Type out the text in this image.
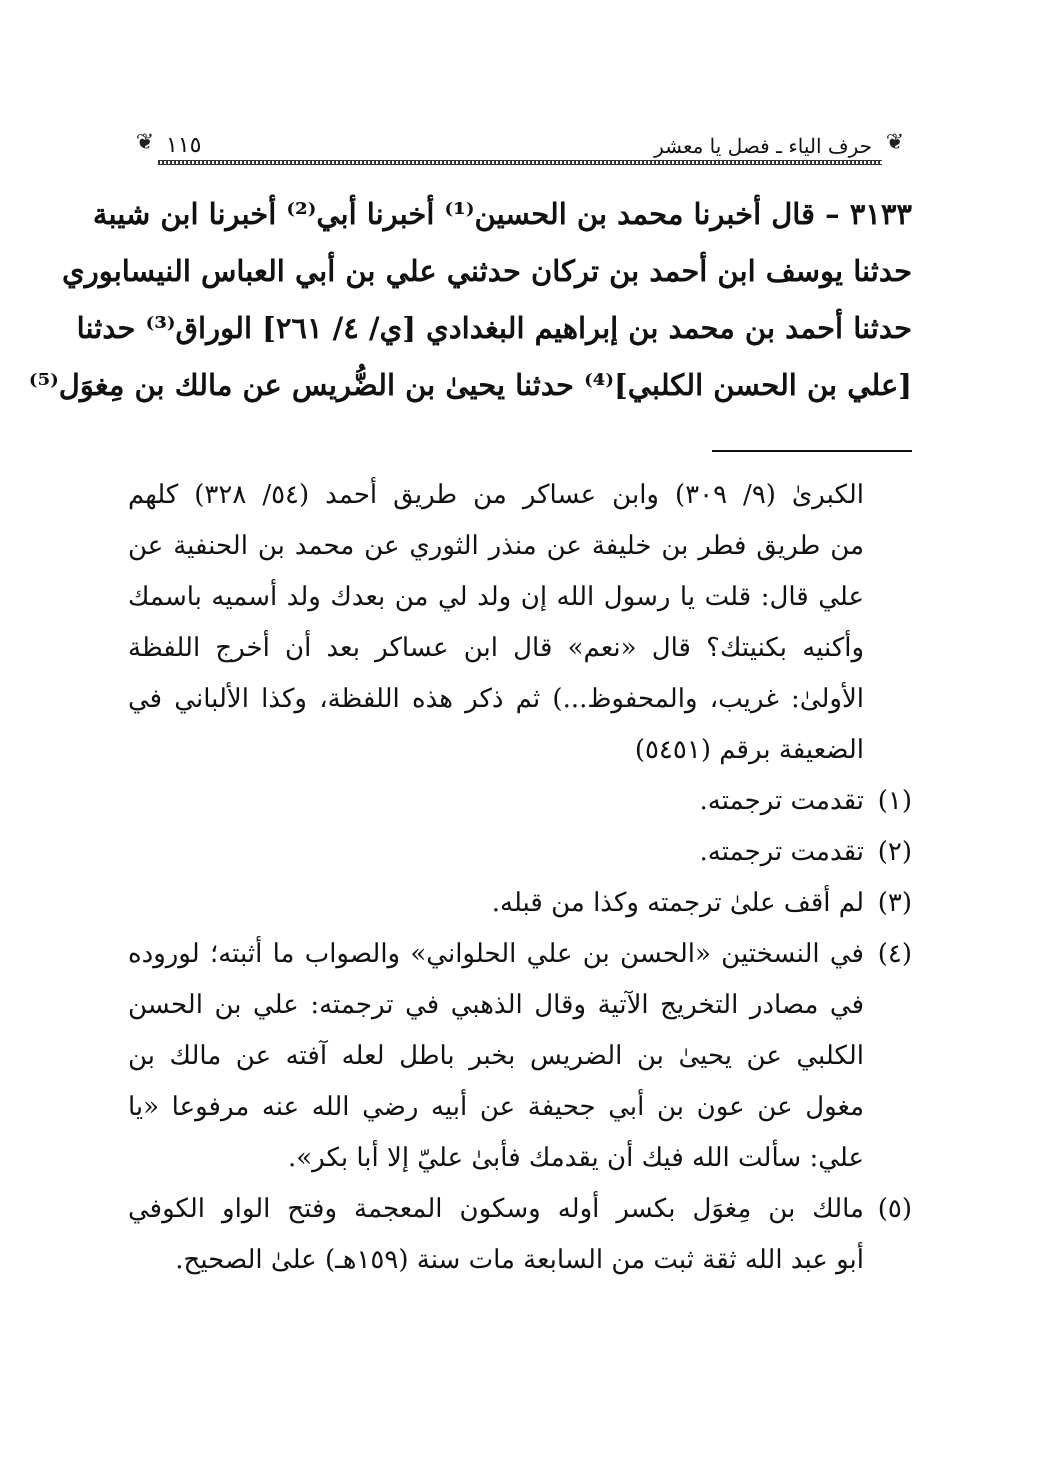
❦ ١١٥	حرف الياء ـ فصل يا معشر ❦
٣١٣٣ – قال أخبرنا محمد بن الحسين⁽¹⁾ أخبرنا أبي⁽²⁾ أخبرنا ابن شيبة
حدثنا يوسف ابن أحمد بن تركان حدثني علي بن أبي العباس النيسابوري
حدثنا أحمد بن محمد بن إبراهيم البغدادي [ي/ ٤/ ٢٦١] الوراق⁽³⁾ حدثنا
[علي بن الحسن الكلبي]⁽⁴⁾ حدثنا يحيىٰ بن الضُّريس عن مالك بن مِغوَل⁽⁵⁾
الكبرىٰ (٩/ ٣٠٩) وابن عساكر من طريق أحمد (٥٤/ ٣٢٨) كلهم
من طريق فطر بن خليفة عن منذر الثوري عن محمد بن الحنفية عن
علي قال: قلت يا رسول الله إن ولد لي من بعدك ولد أسميه باسمك
وأكنيه بكنيتك؟ قال «نعم» قال ابن عساكر بعد أن أخرج اللفظة
الأولىٰ: غريب، والمحفوظ...) ثم ذكر هذه اللفظة، وكذا الألباني في
الضعيفة برقم (٥٤٥١)
(١)
تقدمت ترجمته.
(٢)
تقدمت ترجمته.
(٣)
لم أقف علىٰ ترجمته وكذا من قبله.
(٤)
في النسختين «الحسن بن علي الحلواني» والصواب ما أثبته؛ لوروده
في مصادر التخريج الآتية وقال الذهبي في ترجمته: علي بن الحسن
الكلبي عن يحيىٰ بن الضريس بخبر باطل لعله آفته عن مالك بن
مغول عن عون بن أبي جحيفة عن أبيه رضي الله عنه مرفوعا «يا
علي: سألت الله فيك أن يقدمك فأبىٰ عليّ إلا أبا بكر».
(٥)
مالك بن مِغوَل بكسر أوله وسكون المعجمة وفتح الواو الكوفي
أبو عبد الله ثقة ثبت من السابعة مات سنة (١٥٩هـ) علىٰ الصحيح.
